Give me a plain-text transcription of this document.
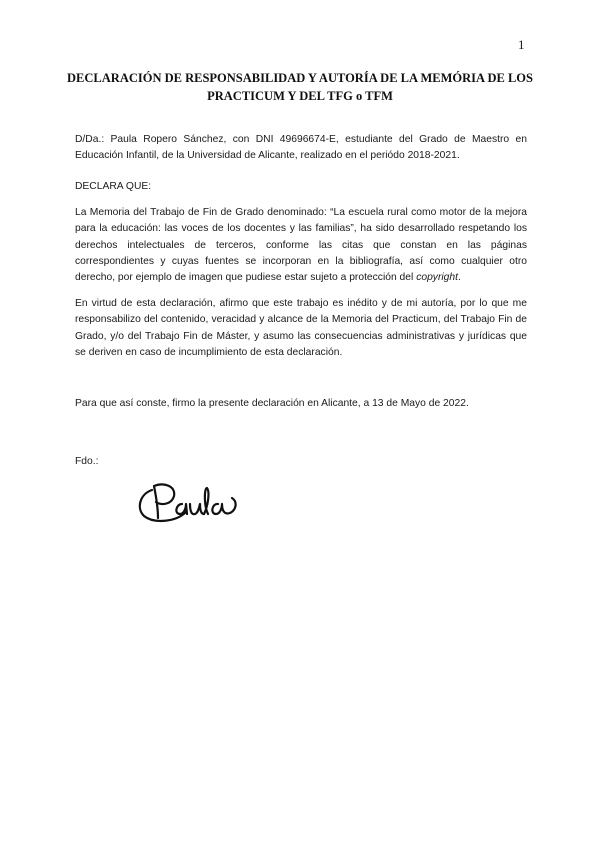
1
DECLARACIÓN DE RESPONSABILIDAD Y AUTORÍA DE LA MEMÓRIA DE LOS
PRACTICUM Y DEL TFG o TFM

D/Da.: Paula Ropero Sánchez, con DNI 49696674-E, estudiante del Grado de Maestro en Educación Infantil, de la Universidad de Alicante, realizado en el periódo 2018-2021.

DECLARA QUE:

La Memoria del Trabajo de Fin de Grado denominado: “La escuela rural como motor de la mejora para la educación: las voces de los docentes y las familias”, ha sido desarrollado respetando los derechos intelectuales de terceros, conforme las citas que constan en las páginas correspondientes y cuyas fuentes se incorporan en la bibliografía, así como cualquier otro derecho, por ejemplo de imagen que pudiese estar sujeto a protección del copyright.

En virtud de esta declaración, afirmo que este trabajo es inédito y de mi autoría, por lo que me responsabilizo del contenido, veracidad y alcance de la Memoria del Practicum, del Trabajo Fin de Grado, y/o del Trabajo Fin de Máster, y asumo las consecuencias administrativas y jurídicas que se deriven en caso de incumplimiento de esta declaración.

Para que así conste, firmo la presente declaración en Alicante, a 13 de Mayo de 2022.

Fdo.:
